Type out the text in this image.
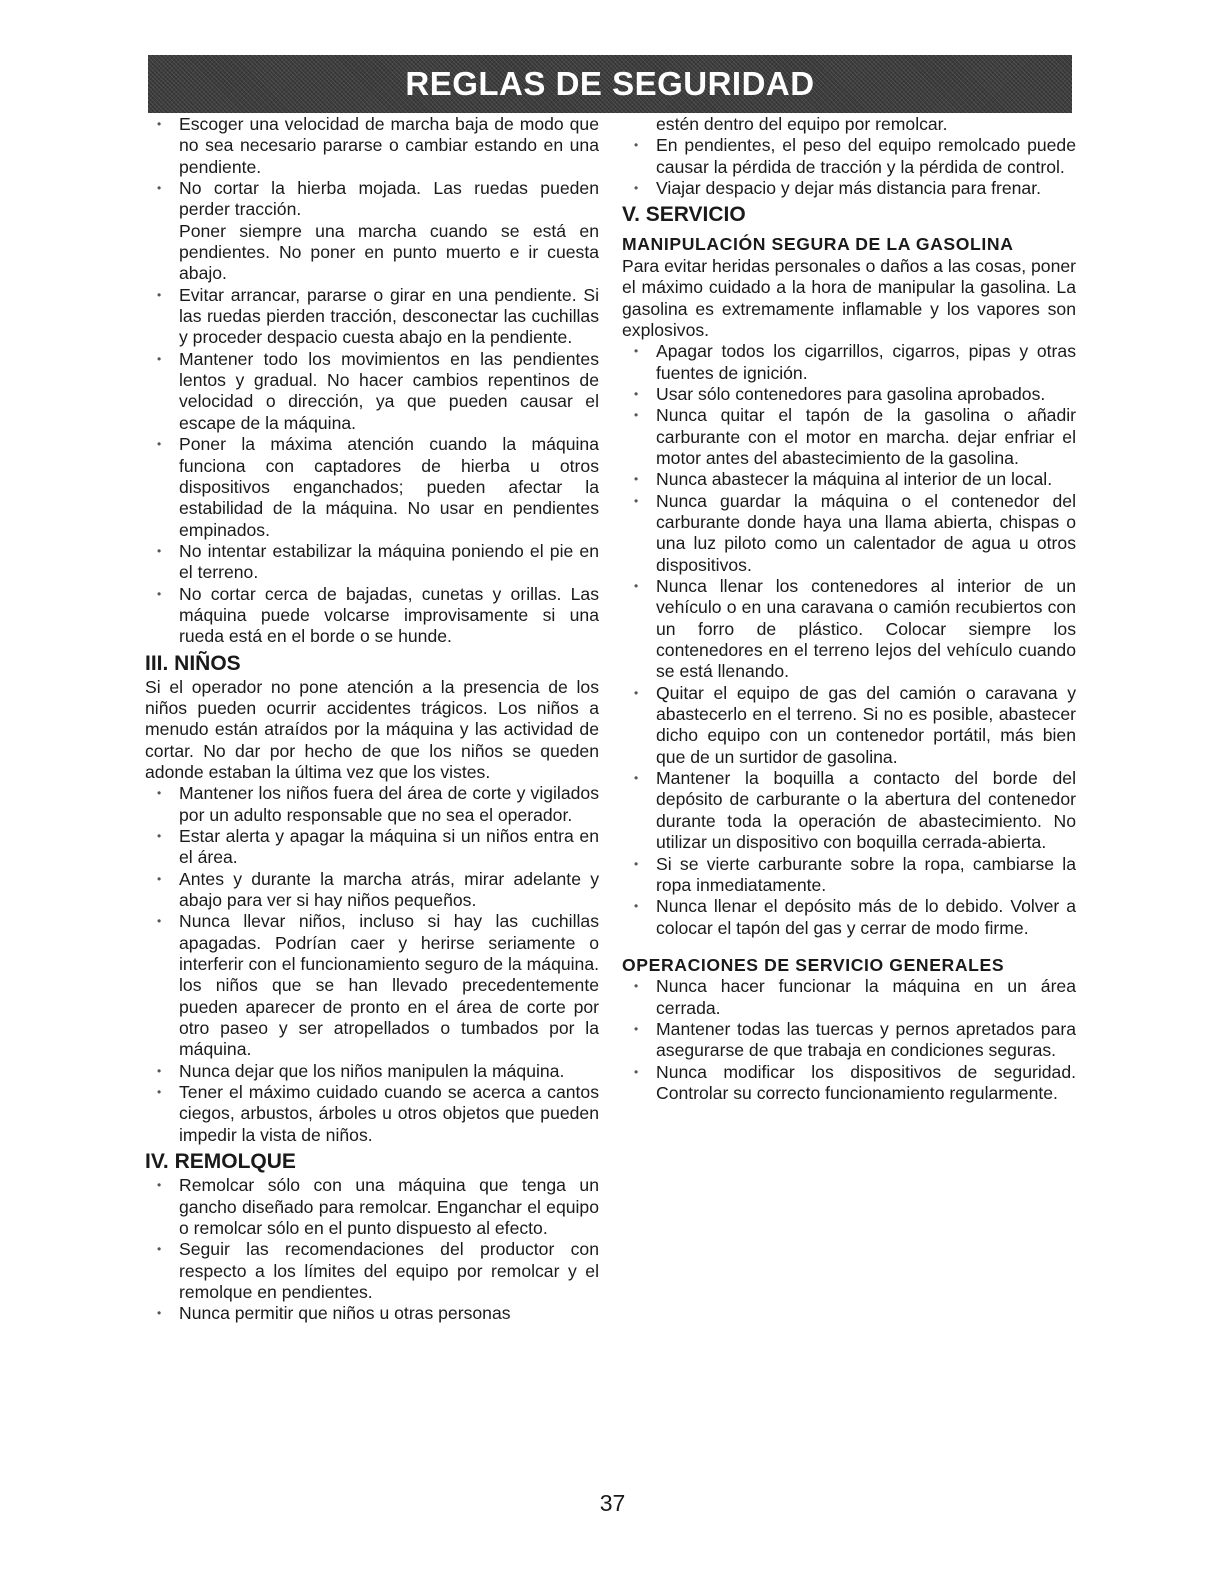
REGLAS DE SEGURIDAD
• Escoger una velocidad de marcha baja de modo que no sea necesario pararse o cambiar estando en una pendiente.
• No cortar la hierba mojada. Las ruedas pueden perder tracción.
Poner siempre una marcha cuando se está en pendientes. No poner en punto muerto e ir cuesta abajo.
• Evitar arrancar, pararse o girar en una pendiente. Si las ruedas pierden tracción, desconectar las cuchillas y proceder despacio cuesta abajo en la pendiente.
• Mantener todo los movimientos en las pendientes lentos y gradual. No hacer cambios repentinos de velocidad o dirección, ya que pueden causar el escape de la máquina.
• Poner la máxima atención cuando la máquina funciona con captadores de hierba u otros dispositivos enganchados; pueden afectar la estabilidad de la máquina. No usar en pendientes empinados.
• No intentar estabilizar la máquina poniendo el pie en el terreno.
• No cortar cerca de bajadas, cunetas y orillas. Las máquina puede volcarse improvisamente si una rueda está en el borde o se hunde.
III. NIÑOS

Si el operador no pone atención a la presencia de los niños pueden ocurrir accidentes trágicos. Los niños a menudo están atraídos por la máquina y las actividad de cortar. No dar por hecho de que los niños se queden adonde estaban la última vez que los vistes.

• Mantener los niños fuera del área de corte y vigilados por un adulto responsable que no sea el operador.
• Estar alerta y apagar la máquina si un niños entra en el área.
• Antes y durante la marcha atrás, mirar adelante y abajo para ver si hay niños pequeños.
• Nunca llevar niños, incluso si hay las cuchillas apagadas. Podrían caer y herirse seriamente o interferir con el funcionamiento seguro de la máquina. los niños que se han llevado precedentemente pueden aparecer de pronto en el área de corte por otro paseo y ser atropellados o tumbados por la máquina.
• Nunca dejar que los niños manipulen la máquina.
• Tener el máximo cuidado cuando se acerca a cantos ciegos, arbustos, árboles u otros objetos que pueden impedir la vista de niños.
IV. REMOLQUE
• Remolcar sólo con una máquina que tenga un gancho diseñado para remolcar. Enganchar el equipo o remolcar sólo en el punto dispuesto al efecto.
• Seguir las recomendaciones del productor con respecto a los límites del equipo por remolcar y el remolque en pendientes.
• Nunca permitir que niños u otras personas
estén dentro del equipo por remolcar.
• En pendientes, el peso del equipo remolcado puede causar la pérdida de tracción y la pérdida de control.
• Viajar despacio y dejar más distancia para frenar.
V. SERVICIO
MANIPULACIÓN SEGURA DE LA GASOLINA

Para evitar heridas personales o daños a las cosas, poner el máximo cuidado a la hora de manipular la gasolina. La gasolina es extremamente inflamable y los vapores son explosivos.

• Apagar todos los cigarrillos, cigarros, pipas y otras fuentes de ignición.
• Usar sólo contenedores para gasolina aprobados.
• Nunca quitar el tapón de la gasolina o añadir carburante con el motor en marcha. dejar enfriar el motor antes del abastecimiento de la gasolina.
• Nunca abastecer la máquina al interior de un local.
• Nunca guardar la máquina o el contenedor del carburante donde haya una llama abierta, chispas o una luz piloto como un calentador de agua u otros dispositivos.
• Nunca llenar los contenedores al interior de un vehículo o en una caravana o camión recubiertos con un forro de plástico. Colocar siempre los contenedores en el terreno lejos del vehículo cuando se está llenando.
• Quitar el equipo de gas del camión o caravana y abastecerlo en el terreno. Si no es posible, abastecer dicho equipo con un contenedor portátil, más bien que de un surtidor de gasolina.
• Mantener la boquilla a contacto del borde del depósito de carburante o la abertura del contenedor durante toda la operación de abastecimiento. No utilizar un dispositivo con boquilla cerrada-abierta.
• Si se vierte carburante sobre la ropa, cambiarse la ropa inmediatamente.
• Nunca llenar el depósito más de lo debido. Volver a colocar el tapón del gas y cerrar de modo firme.
OPERACIONES DE SERVICIO GENERALES
• Nunca hacer funcionar la máquina en un área cerrada.
• Mantener todas las tuercas y pernos apretados para asegurarse de que trabaja en condiciones seguras.
• Nunca modificar los dispositivos de seguridad. Controlar su correcto funcionamiento regularmente.
37
